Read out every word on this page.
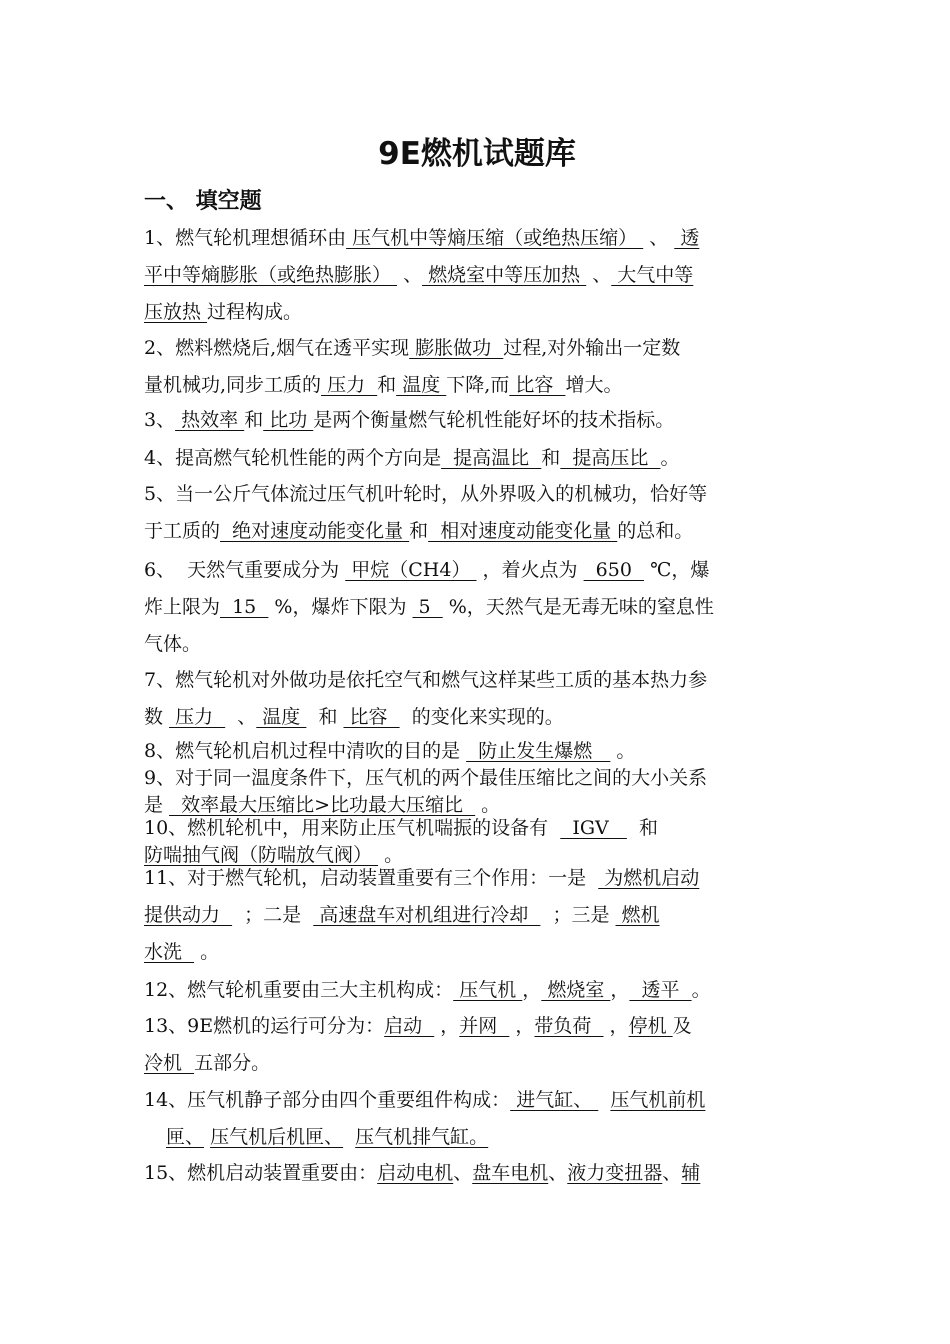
9E燃机试题库
一、 填空题
1、燃气轮机理想循环由 压气机中等熵压缩（或绝热压缩）  、  透
平中等熵膨胀（或绝热膨胀）  、 燃烧室中等压加热  、 大气中等
压放热 过程构成。
2、燃料燃烧后,烟气在透平实现 膨胀做功  过程,对外输出一定数
量机械功,同步工质的 压力  和 温度 下降,而 比容  增大。
3、 热效率 和 比功 是两个衡量燃气轮机性能好坏的技术指标。
4、提高燃气轮机性能的两个方向是  提高温比  和  提高压比  。
5、当一公斤气体流过压气机叶轮时，从外界吸入的机械功，恰好等
于工质的  绝对速度动能变化量 和  相对速度动能变化量 的总和。
6、  天然气重要成分为  甲烷（CH4）  ，着火点为   650   ℃，爆
炸上限为  15   %，爆炸下限为  5   %，天然气是无毒无味的窒息性
气体。
7、燃气轮机对外做功是依托空气和燃气这样某些工质的基本热力参
数  压力    、 温度   和  比容    的变化来实现的。
8、燃气轮机启机过程中清吹的目的是   防止发生爆燃    。
9、对于同一温度条件下，压气机的两个最佳压缩比之间的大小关系
是   效率最大压缩比>比功最大压缩比   。
10、燃机轮机中，用来防止压气机喘振的设备有    IGV     和
防喘抽气阀（防喘放气阀）  。
11、对于燃气轮机，启动装置重要有三个作用：一是   为燃机启动
提供动力    ；二是   高速盘车对机组进行冷却    ；三是  燃机
水洗   。
12、燃气轮机重要由三大主机构成： 压气机 ， 燃烧室 ，  透平  。
13、9E燃机的运行可分为：启动   ，并网   ，带负荷   ，停机 及
冷机  五部分。
14、压气机静子部分由四个重要组件构成： 进气缸、   压气机前机
匣、 压气机后机匣、 压气机排气缸。
15、燃机启动装置重要由：启动电机、盘车电机、液力变扭器、辅
